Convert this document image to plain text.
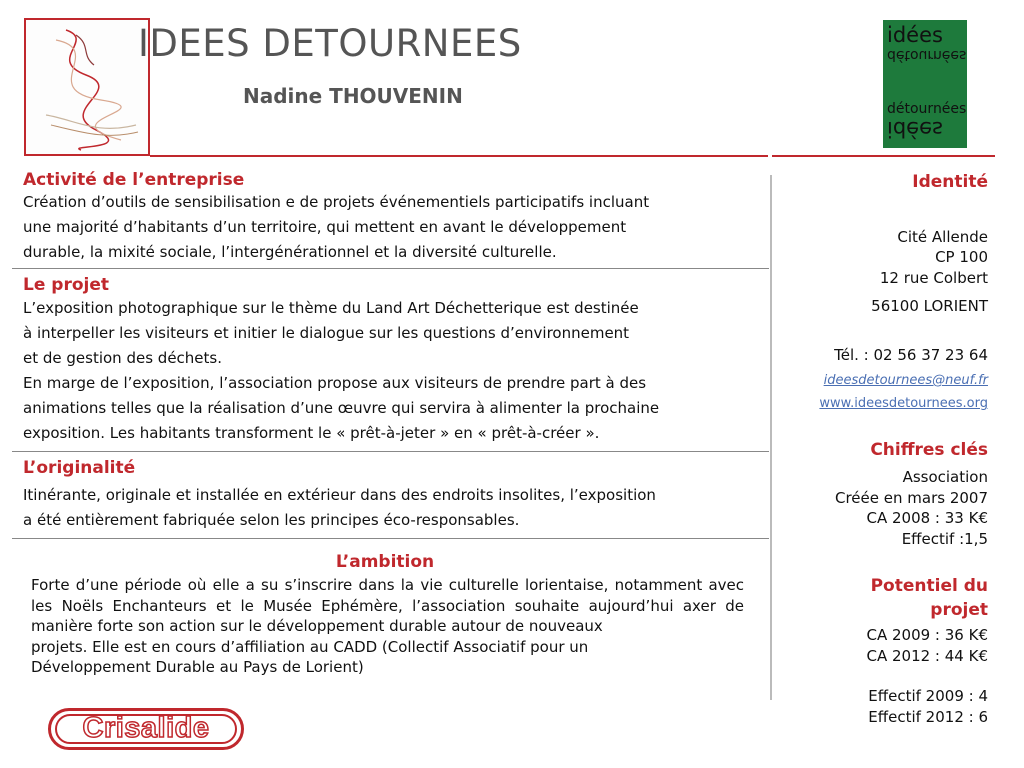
IDEES DETOURNEES
Nadine THOUVENIN
idées
détournées
détournées
idées
Activité de l’entreprise
Création d’outils de sensibilisation e de projets événementiels participatifs incluant
une majorité d’habitants d’un territoire, qui mettent en avant le développement
durable, la mixité sociale, l’intergénérationnel et la diversité culturelle.
Le projet
L’exposition photographique sur le thème du Land Art Déchetterique est destinée
à interpeller les visiteurs et initier le dialogue sur les questions d’environnement
et de gestion des déchets.
En marge de l’exposition, l’association propose aux visiteurs de prendre part à des
animations telles que la réalisation d’une œuvre qui servira à alimenter la prochaine
exposition. Les habitants transforment le « prêt-à-jeter » en « prêt-à-créer ».
L’originalité
Itinérante, originale et installée en extérieur dans des endroits insolites, l’exposition
a été entièrement fabriquée selon les principes éco-responsables.
L’ambition
Forte d’une période où elle a su s’inscrire dans la vie culturelle lorientaise, notamment avec les Noëls Enchanteurs et le Musée Ephémère, l’association souhaite aujourd’hui axer de manière forte son action sur le développement durable autour de nouveaux
projets. Elle est en cours d’affiliation au CADD (Collectif Associatif pour un
Développement Durable au Pays de Lorient)
Identité
Cité Allende
CP 100
12 rue Colbert
56100 LORIENT
Tél. : 02 56 37 23 64
ideesdetournees@neuf.fr
www.ideesdetournees.org
Chiffres clés
Association
Créée en mars 2007
CA 2008 : 33 K€
Effectif :1,5
Potentiel du
projet
CA 2009 : 36 K€
CA 2012 : 44 K€
Effectif 2009 : 4
Effectif 2012 : 6
Crisalide
